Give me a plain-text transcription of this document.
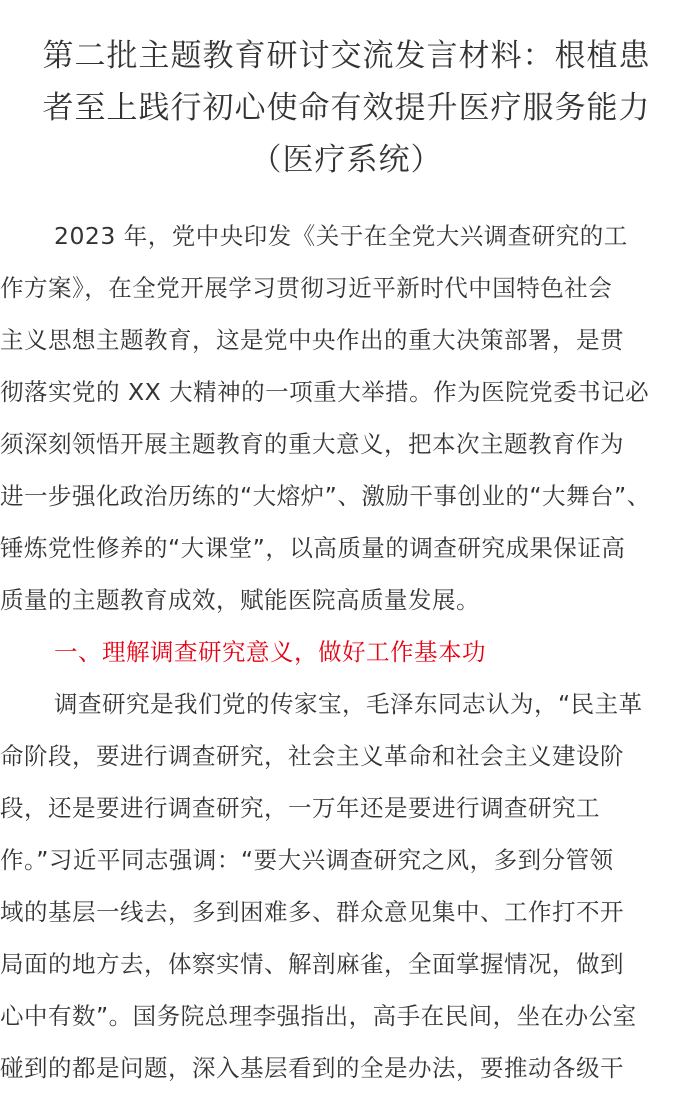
第二批主题教育研讨交流发言材料：根植患
者至上践行初心使命有效提升医疗服务能力
（医疗系统）
2023 年，党中央印发《关于在全党大兴调查研究的工
作方案》，在全党开展学习贯彻习近平新时代中国特色社会
主义思想主题教育，这是党中央作出的重大决策部署，是贯
彻落实党的 XX 大精神的一项重大举措。作为医院党委书记必
须深刻领悟开展主题教育的重大意义，把本次主题教育作为
进一步强化政治历练的“大熔炉”、激励干事创业的“大舞台”、
锤炼党性修养的“大课堂”，以高质量的调查研究成果保证高
质量的主题教育成效，赋能医院高质量发展。
一、理解调查研究意义，做好工作基本功
调查研究是我们党的传家宝，毛泽东同志认为，“民主革
命阶段，要进行调查研究，社会主义革命和社会主义建设阶
段，还是要进行调查研究，一万年还是要进行调查研究工
作。”习近平同志强调：“要大兴调查研究之风，多到分管领
域的基层一线去，多到困难多、群众意见集中、工作打不开
局面的地方去，体察实情、解剖麻雀，全面掌握情况，做到
心中有数”。国务院总理李强指出，高手在民间，坐在办公室
碰到的都是问题，深入基层看到的全是办法，要推动各级干
